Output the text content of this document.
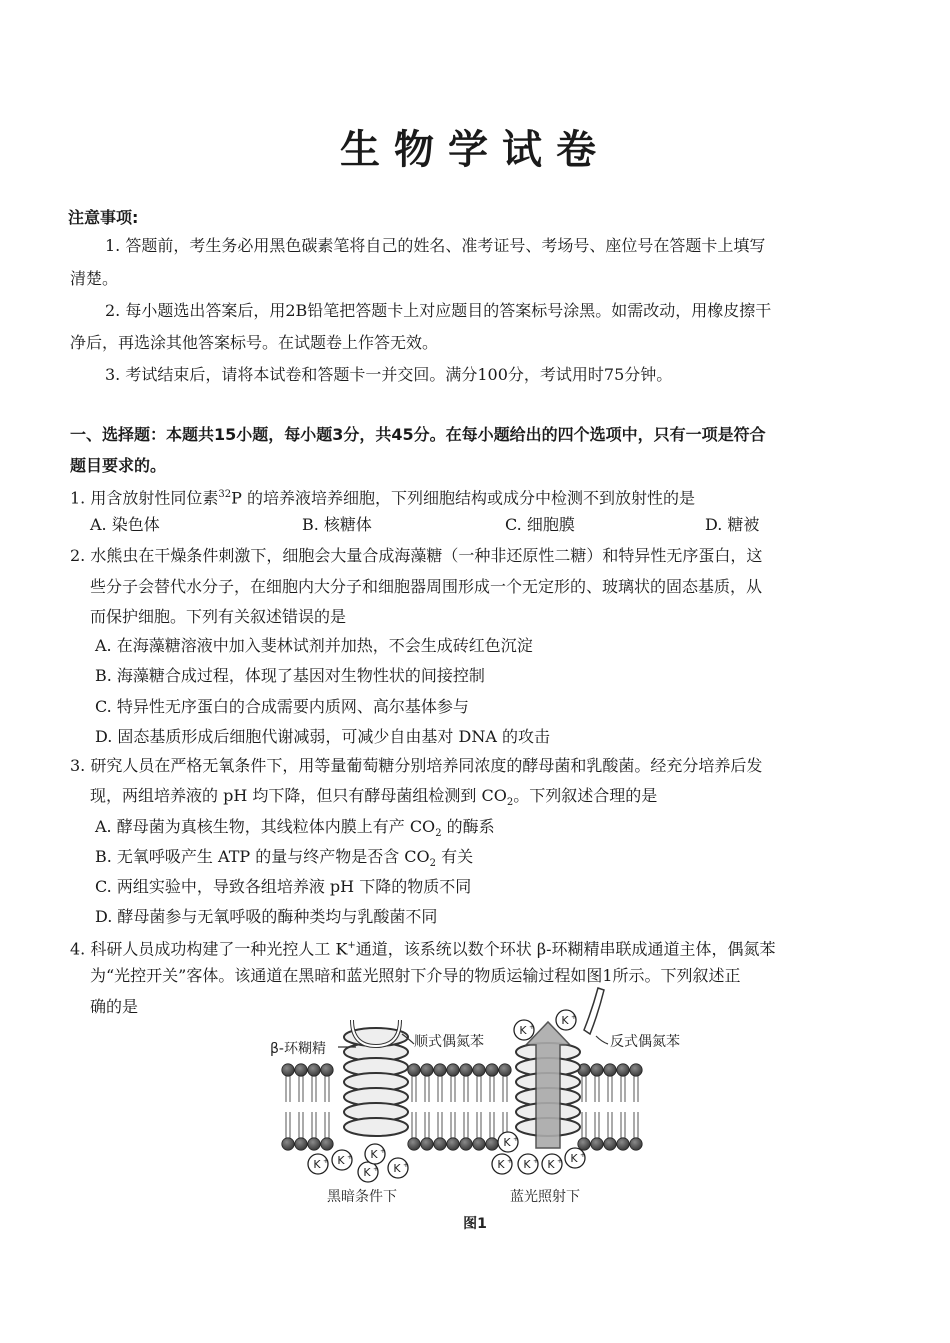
生物学试卷
注意事项:
1. 答题前，考生务必用黑色碳素笔将自己的姓名、准考证号、考场号、座位号在答题卡上填写
清楚。
2. 每小题选出答案后，用2B铅笔把答题卡上对应题目的答案标号涂黑。如需改动，用橡皮擦干
净后，再选涂其他答案标号。在试题卷上作答无效。
3. 考试结束后，请将本试卷和答题卡一并交回。满分100分，考试用时75分钟。
一、选择题：本题共15小题，每小题3分，共45分。在每小题给出的四个选项中，只有一项是符合
题目要求的。
1. 用含放射性同位素$^{32}$P 的培养液培养细胞，下列细胞结构或成分中检测不到放射性的是
A. 染色体	B. 核糖体	C. 细胞膜	D. 糖被
2. 水熊虫在干燥条件刺激下，细胞会大量合成海藻糖（一种非还原性二糖）和特异性无序蛋白，这
些分子会替代水分子，在细胞内大分子和细胞器周围形成一个无定形的、玻璃状的固态基质，从
而保护细胞。下列有关叙述错误的是
A. 在海藻糖溶液中加入斐林试剂并加热，不会生成砖红色沉淀
B. 海藻糖合成过程，体现了基因对生物性状的间接控制
C. 特异性无序蛋白的合成需要内质网、高尔基体参与
D. 固态基质形成后细胞代谢减弱，可减少自由基对 DNA 的攻击
3. 研究人员在严格无氧条件下，用等量葡萄糖分别培养同浓度的酵母菌和乳酸菌。经充分培养后发
现，两组培养液的 pH 均下降，但只有酵母菌组检测到 $CO_2$。下列叙述合理的是
A. 酵母菌为真核生物，其线粒体内膜上有产 $CO_2$ 的酶系
B. 无氧呼吸产生 ATP 的量与终产物是否含 $CO_2$ 有关
C. 两组实验中，导致各组培养液 pH 下降的物质不同
D. 酵母菌参与无氧呼吸的酶种类均与乳酸菌不同
4. 科研人员成功构建了一种光控人工 K+通道，该系统以数个环状 β-环糊精串联成通道主体，偶氮苯
为“光控开关”客体。该通道在黑暗和蓝光照射下介导的物质运输过程如图1所示。下列叙述正
确的是
β-环糊精	顺式偶氮苯	反式偶氮苯
K + K +
K + K +
K +
K +
K + K + K + K +
K + K +
黑暗条件下	蓝光照射下
图1
